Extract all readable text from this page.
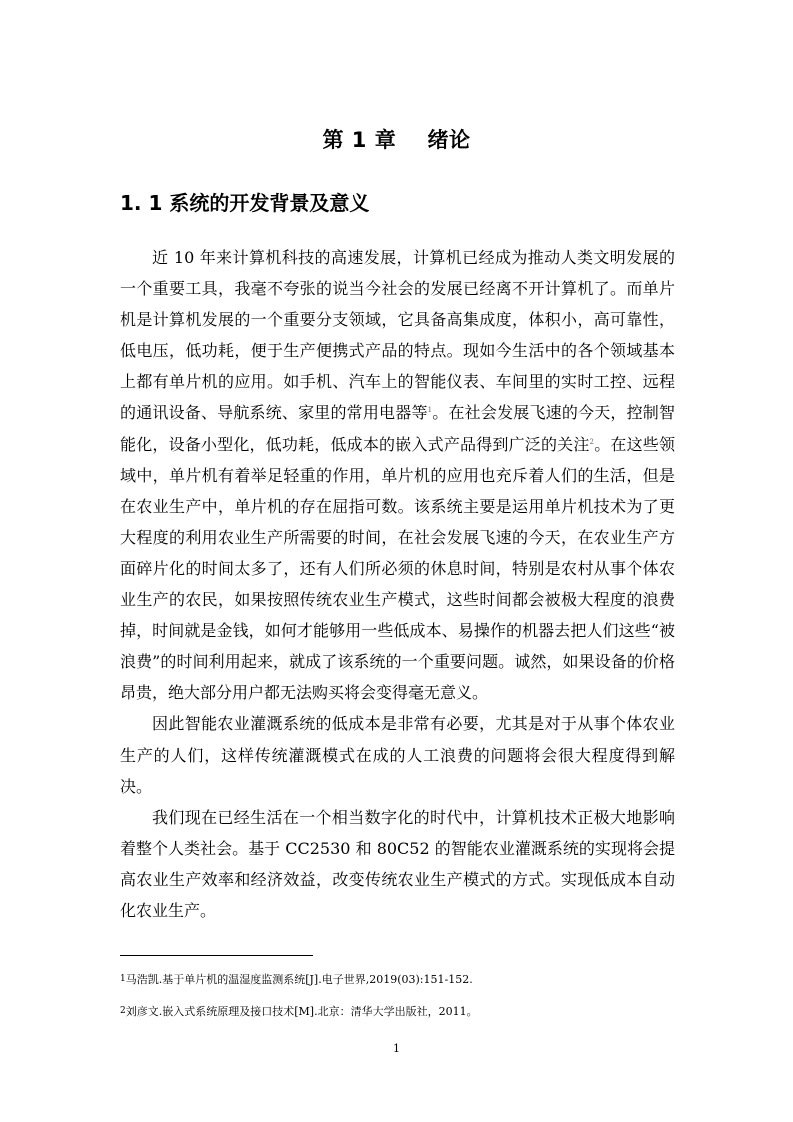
第 1 章    绪论
1. 1 系统的开发背景及意义

近 10 年来计算机科技的高速发展，计算机已经成为推动人类文明发展的一个重要工具，我毫不夸张的说当今社会的发展已经离不开计算机了。而单片机是计算机发展的一个重要分支领域，它具备高集成度，体积小，高可靠性，低电压，低功耗，便于生产便携式产品的特点。现如今生活中的各个领域基本上都有单片机的应用。如手机、汽车上的智能仪表、车间里的实时工控、远程的通讯设备、导航系统、家里的常用电器等$^1$。在社会发展飞速的今天，控制智能化，设备小型化，低功耗，低成本的嵌入式产品得到广泛的关注$^2$。在这些领域中，单片机有着举足轻重的作用，单片机的应用也充斥着人们的生活，但是在农业生产中，单片机的存在屈指可数。该系统主要是运用单片机技术为了更大程度的利用农业生产所需要的时间，在社会发展飞速的今天，在农业生产方面碎片化的时间太多了，还有人们所必须的休息时间，特别是农村从事个体农业生产的农民，如果按照传统农业生产模式，这些时间都会被极大程度的浪费掉，时间就是金钱，如何才能够用一些低成本、易操作的机器去把人们这些“被浪费”的时间利用起来，就成了该系统的一个重要问题。诚然，如果设备的价格昂贵，绝大部分用户都无法购买将会变得毫无意义。

因此智能农业灌溉系统的低成本是非常有必要，尤其是对于从事个体农业生产的人们，这样传统灌溉模式在成的人工浪费的问题将会很大程度得到解决。

我们现在已经生活在一个相当数字化的时代中，计算机技术正极大地影响着整个人类社会。基于 CC2530 和 80C52 的智能农业灌溉系统的实现将会提高农业生产效率和经济效益，改变传统农业生产模式的方式。实现低成本自动化农业生产。

1马浩凯.基于单片机的温湿度监测系统[J].电子世界,2019(03):151-152.
2刘彦文.嵌入式系统原理及接口技术[M].北京：清华大学出版社，2011。
1
